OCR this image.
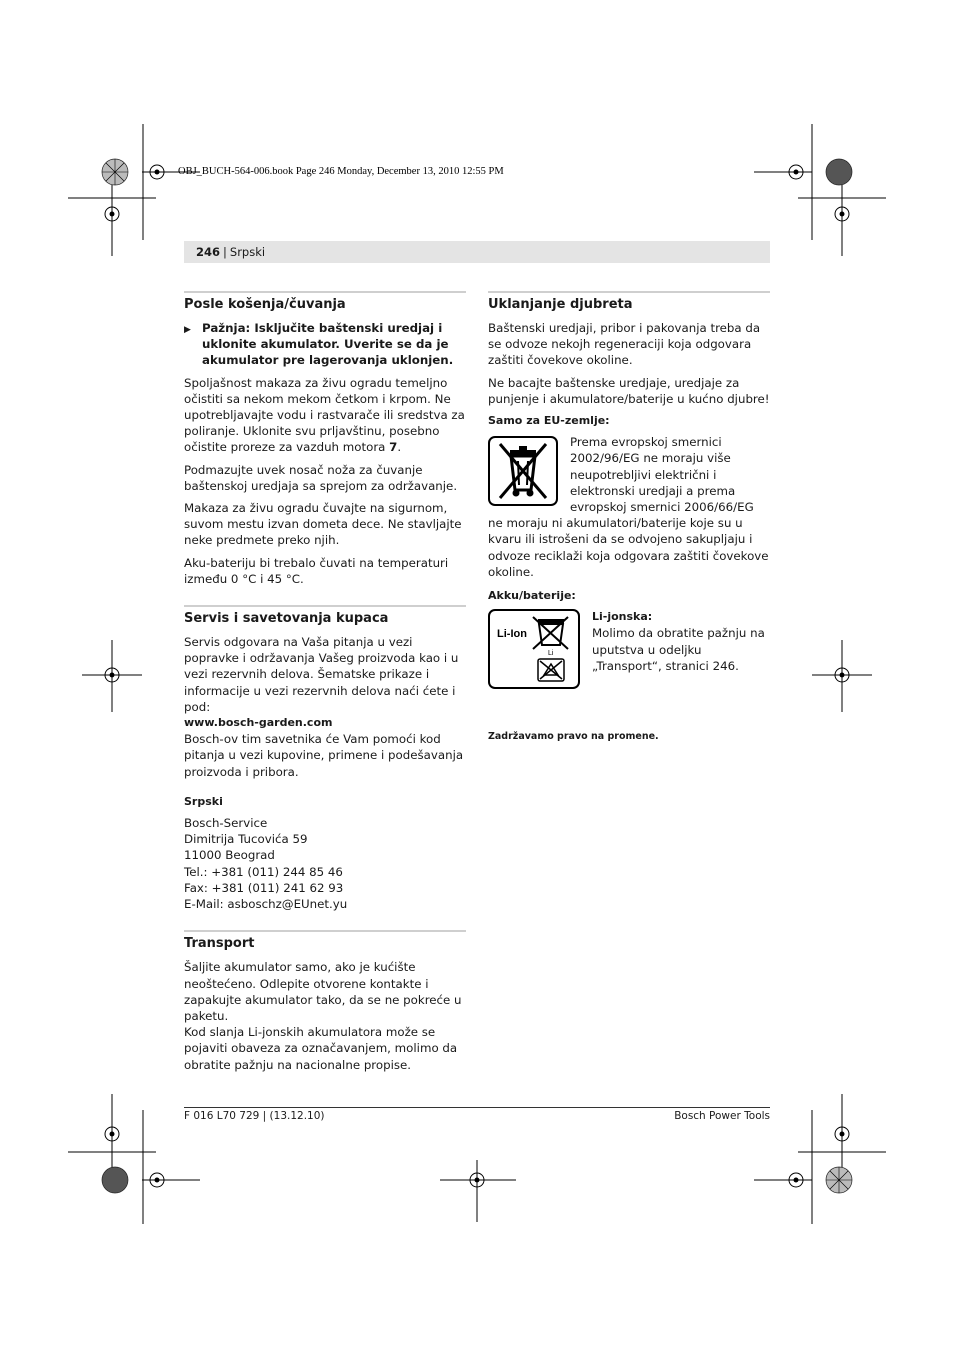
OBJ_BUCH-564-006.book Page 246 Monday, December 13, 2010 12:55 PM
246 | Srpski
Posle košenja/čuvanja
▶ Pažnja: Isključite baštenski uredjaj i uklonite akumulator. Uverite se da je akumulator pre lagerovanja uklonjen.

Spoljašnost makaza za živu ogradu temeljno očistiti sa nekom mekom četkom i krpom. Ne upotrebljavajte vodu i rastvarače ili sredstva za poliranje. Uklonite svu prljavštinu, posebno očistite proreze za vazduh motora 7.

Podmazujte uvek nosač noža za čuvanje baštenskoj uredjaja sa sprejom za održavanje.

Makaza za živu ogradu čuvajte na sigurnom, suvom mestu izvan dometa dece. Ne stavljajte neke predmete preko njih.

Aku-bateriju bi trebalo čuvati na temperaturi između 0 °C i 45 °C.

Servis i savetovanja kupaca

Servis odgovara na Vaša pitanja u vezi popravke i održavanja Vašeg proizvoda kao i u vezi rezervnih delova. Šematske prikaze i informacije u vezi rezervnih delova naći ćete i pod:

www.bosch-garden.com

Bosch-ov tim savetnika će Vam pomoći kod pitanja u vezi kupovine, primene i podešavanja proizvoda i pribora.

Srpski

Bosch-Service

Dimitrija Tucovića 59

11000 Beograd

Tel.: +381 (011) 244 85 46

Fax: +381 (011) 241 62 93

E-Mail: asboschz@EUnet.yu

Transport

Šaljite akumulator samo, ako je kućište neoštećeno. Odlepite otvorene kontakte i zapakujte akumulator tako, da se ne pokreće u paketu.

Kod slanja Li-jonskih akumulatora može se pojaviti obaveza za označavanjem, molimo da obratite pažnju na nacionalne propise.

Uklanjanje djubreta

Baštenski uredjaji, pribor i pakovanja treba da se odvoze nekojh regeneraciji koja odgovara zaštiti čovekove okoline.

Ne bacajte baštenske uredjaje, uredjaje za punjenje i akumulatore/baterije u kućno djubre!

Samo za EU-zemlje:

Prema evropskoj smernici 2002/96/EG ne moraju više neupotrebljivi električni i elektronski uredjaji a prema evropskoj smernici 2006/66/EG ne moraju ni akumulatori/baterije koje su u kvaru ili istrošeni da se odvojeno sakupljaju i odvoze reciklaži koja odgovara zaštiti čovekove okoline.

Akku/baterije:
Li-Ion
Li
Li-jonska:

Molimo da obratite pažnju na uputstva u odeljku „Transport“, stranici 246.

Zadržavamo pravo na promene.
F 016 L70 729 | (13.12.10)	Bosch Power Tools
